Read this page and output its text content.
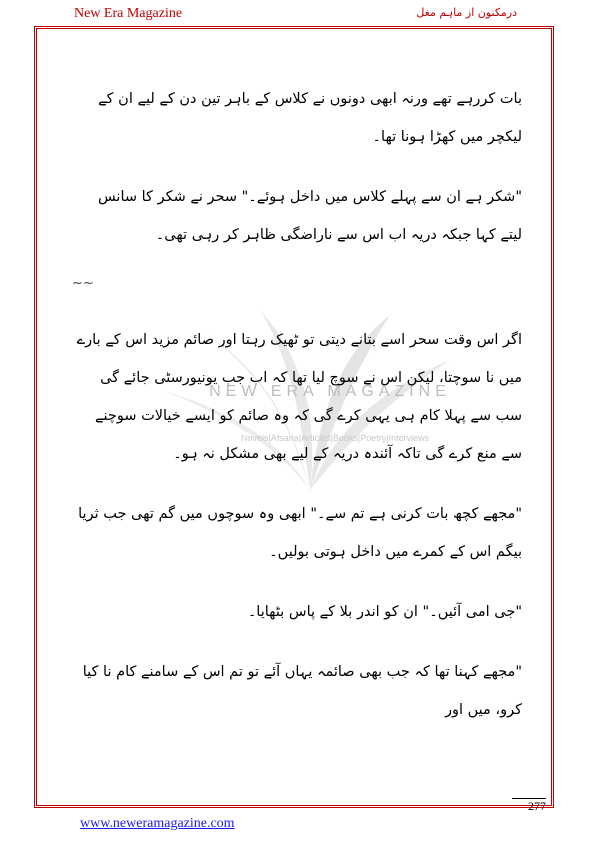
New Era Magazine	درمکنون از ماہم مغل
NEW ERA MAGAZINE
Novels|Afsana|Articles|Books|Poetry|Interviews

بات کررہے تھے ورنہ ابھی دونوں نے کلاس کے باہر تین دن کے لیے ان کے لیکچر میں کھڑا ہونا تھا۔

"شکر ہے ان سے پہلے کلاس میں داخل ہوئے۔" سحر نے شکر کا سانس لیتے کہا جبکہ دریہ اب اس سے ناراضگی ظاہر کر رہی تھی۔

~~

اگر اس وقت سحر اسے بتانے دیتی تو ٹھیک رہتا اور صائم مزید اس کے بارے میں نا سوچتا، لیکن اس نے سوچ لیا تھا کہ اب جب یونیورسٹی جائے گی سب سے پہلا کام ہی یہی کرے گی کہ وہ صائم کو ایسے خیالات سوچنے سے منع کرے گی تاکہ آئندہ دریہ کے لیے بھی مشکل نہ ہو۔

"مجھے کچھ بات کرنی ہے تم سے۔" ابھی وہ سوچوں میں گم تھی جب ثریا بیگم اس کے کمرے میں داخل ہوتی بولیں۔

"جی امی آئیں۔" ان کو اندر بلا کے پاس بٹھایا۔

"مجھے کہنا تھا کہ جب بھی صائمہ یہاں آئے تو تم اس کے سامنے کام نا کیا کرو، میں اور

277
www.neweramagazine.com
